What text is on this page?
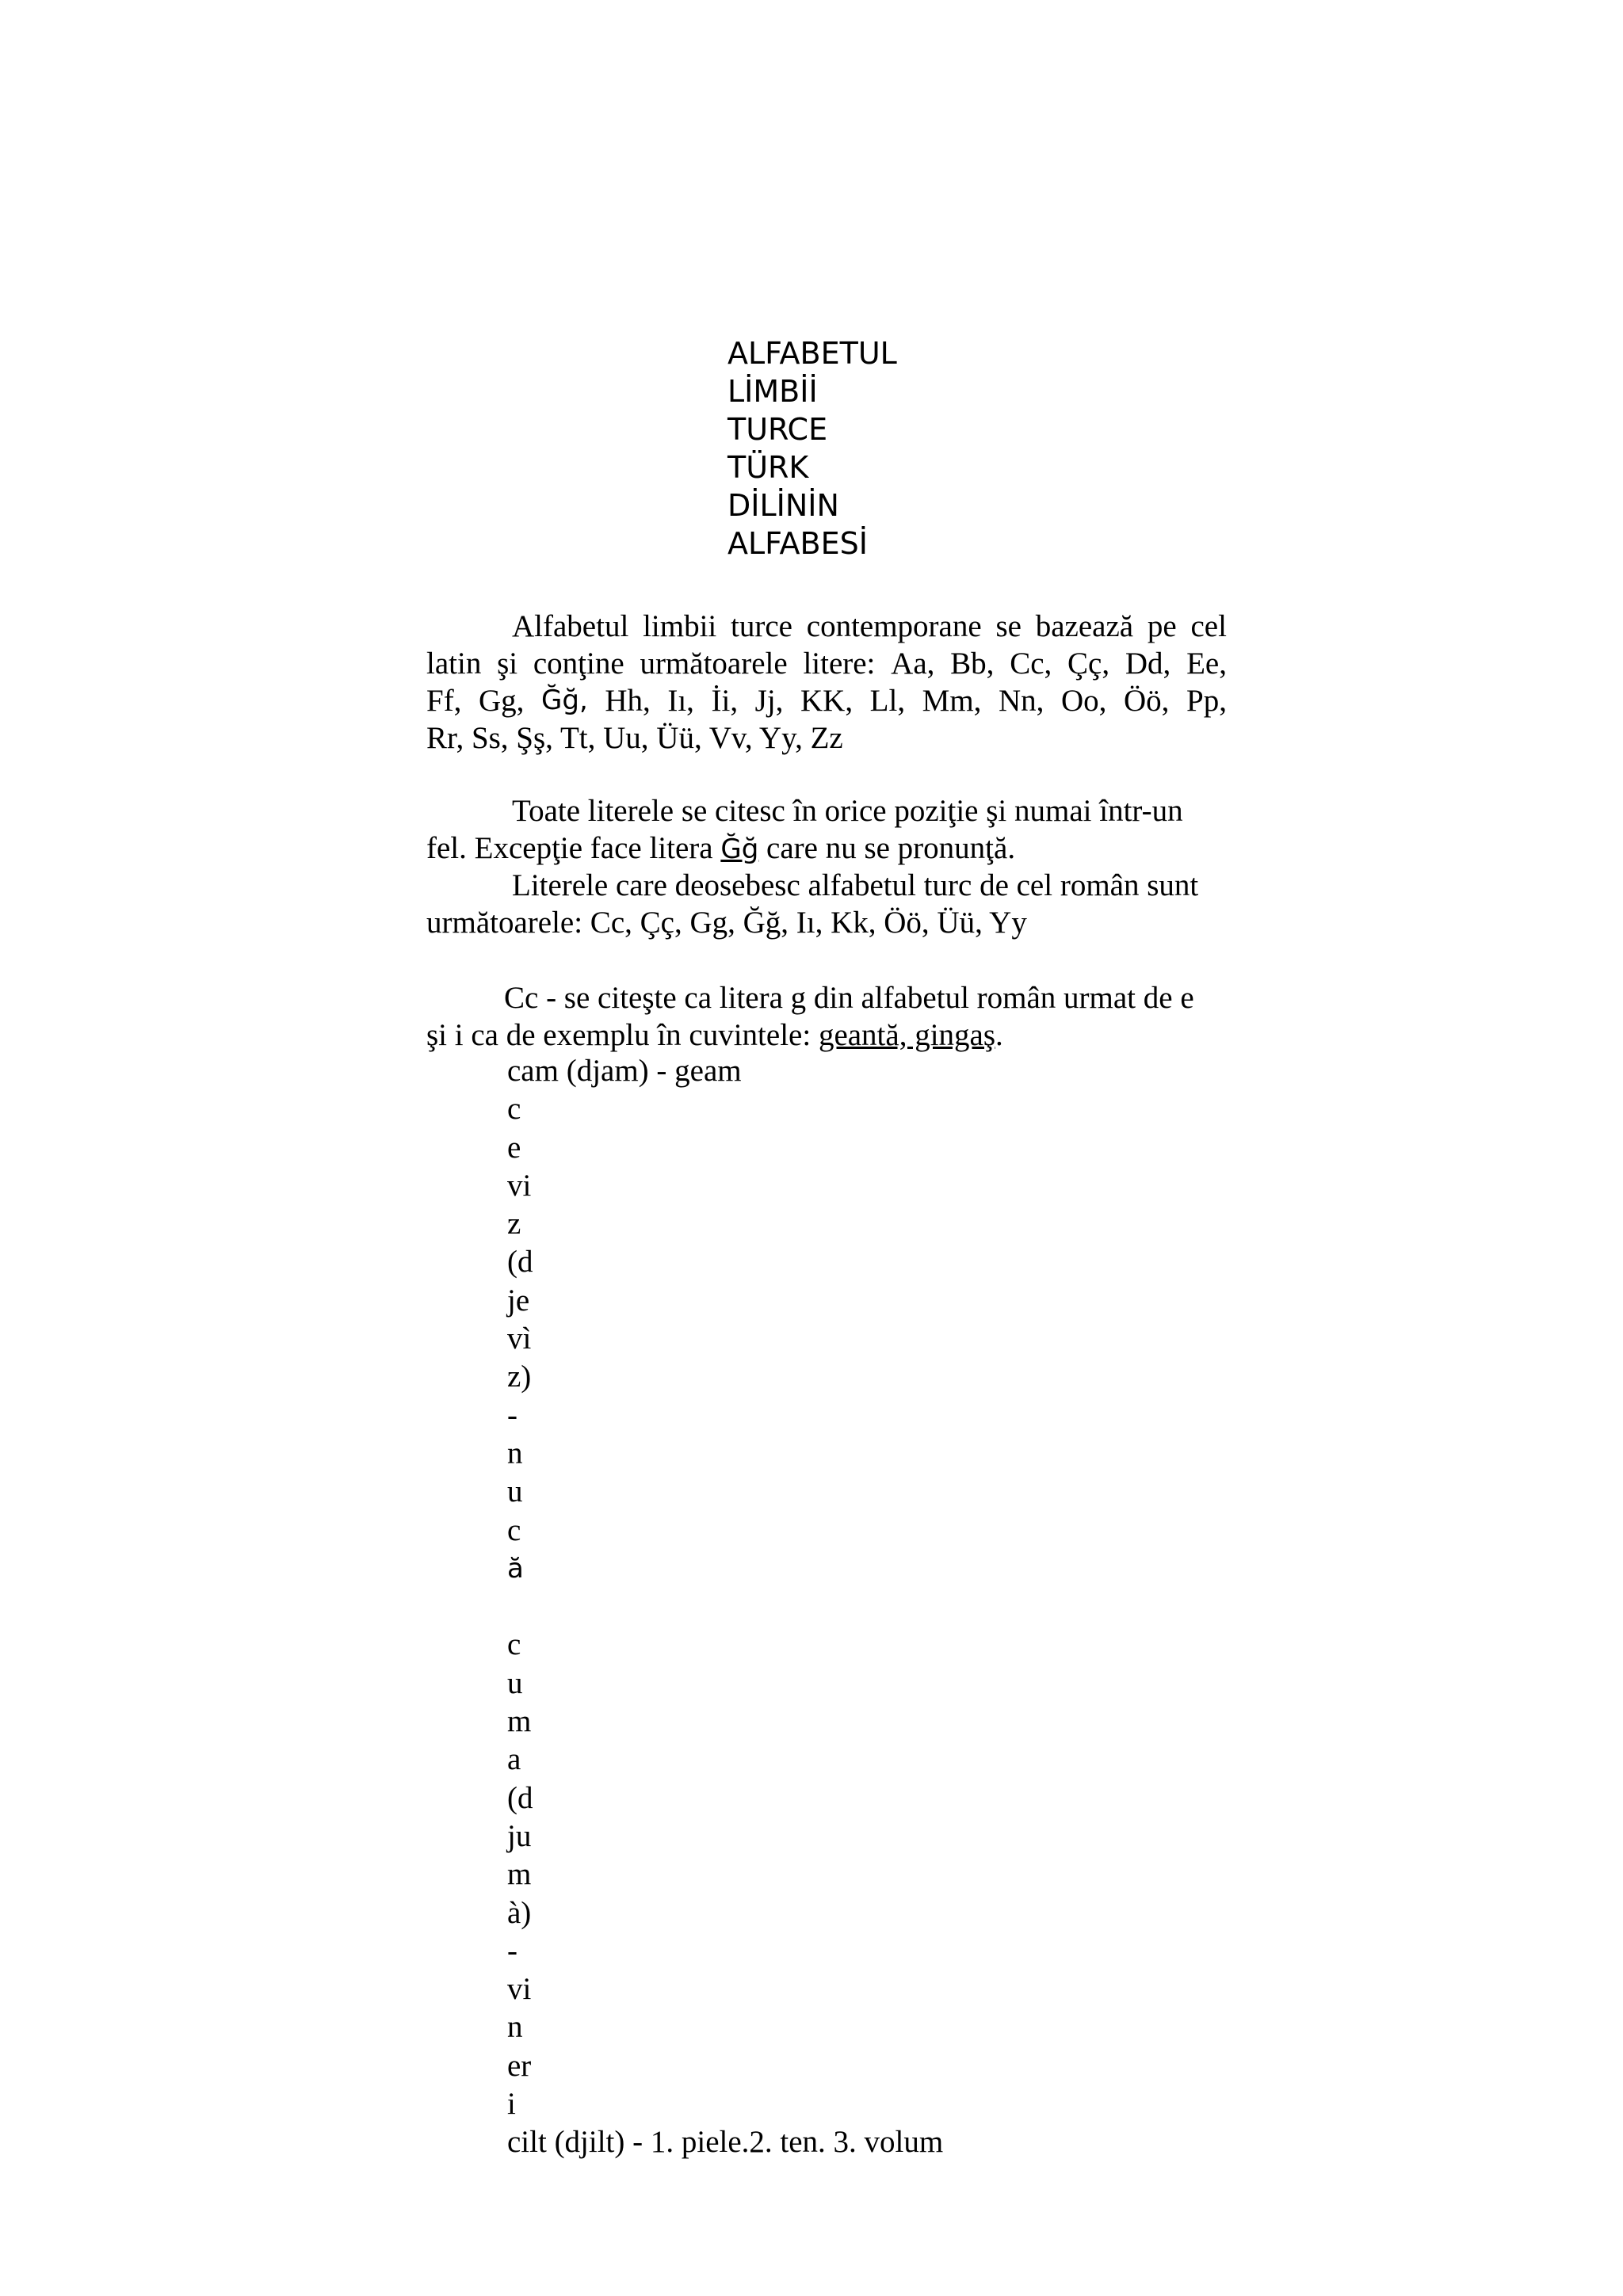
ALFABETUL
LİMBİİ
TURCE
TÜRK
DİLİNİN
ALFABESİ
Alfabetul limbii turce contemporane se bazează pe cel
latin şi conţine următoarele litere: Aa, Bb, Cc, Çç, Dd, Ee,
Ff, Gg, Ğğ, Hh, Iı, İi, Jj, KK, Ll, Mm, Nn, Oo, Öö, Pp,
Rr, Ss, Şş, Tt, Uu, Üü, Vv, Yy, Zz
Toate literele se citesc în orice poziţie şi numai într-un
fel. Excepţie face litera Ğğ care nu se pronunţă.
Literele care deosebesc alfabetul turc de cel român sunt
următoarele: Cc, Çç, Gg, Ğğ, Iı, Kk, Öö, Üü, Yy
Cc - se citeşte ca litera g din alfabetul român urmat de e
şi i ca de exemplu în cuvintele: geantă, gingaş.
cam (djam) - geam
c
e
vi
z
(d
je
vì
z)
-
n
u
c
ă
c
u
m
a
(d
ju
m
à)
-
vi
n
er
i
cilt (djilt) - 1. piele.2. ten. 3. volum
